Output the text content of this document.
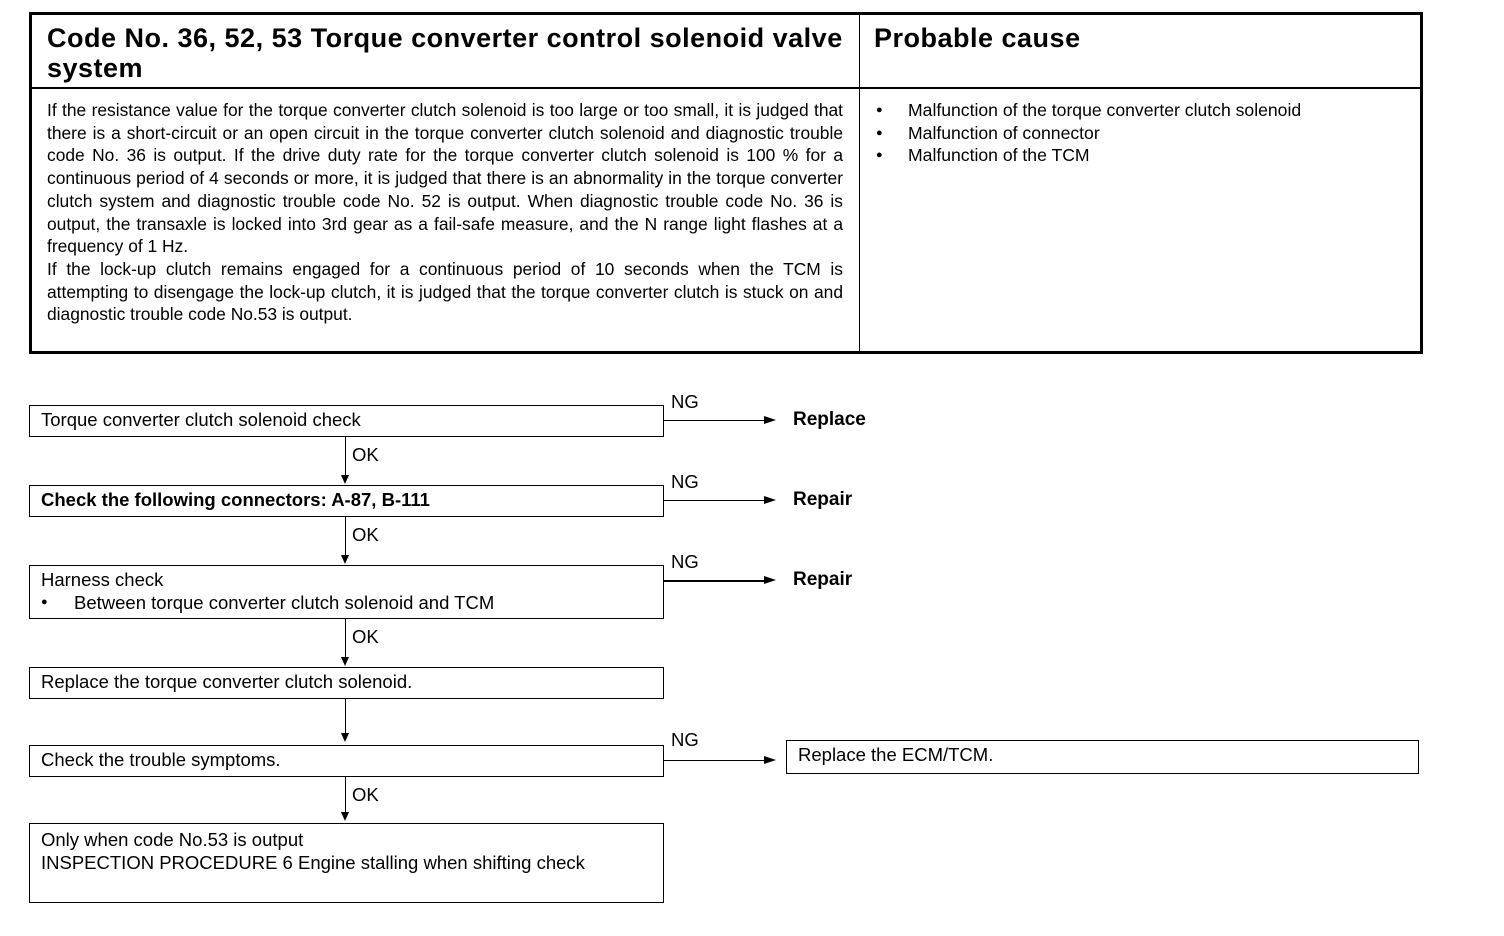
Code No. 36, 52, 53 Torque converter control solenoid valve system

If the resistance value for the torque converter clutch solenoid is too large or too small, it is judged that there is a short-circuit or an open circuit in the torque converter clutch solenoid and diagnostic trouble code No. 36 is output. If the drive duty rate for the torque converter clutch solenoid is 100 % for a continuous period of 4 seconds or more, it is judged that there is an abnormality in the torque converter clutch system and diagnostic trouble code No. 52 is output. When diagnostic trouble code No. 36 is output, the transaxle is locked into 3rd gear as a fail-safe measure, and the N range light flashes at a frequency of 1 Hz.

If the lock-up clutch remains engaged for a continuous period of 10 seconds when the TCM is attempting to disengage the lock-up clutch, it is judged that the torque converter clutch is stuck on and diagnostic trouble code No.53 is output.

Probable cause
● Malfunction of the torque converter clutch solenoid
● Malfunction of connector
● Malfunction of the TCM
Torque converter clutch solenoid check
NG
Replace
OK
Check the following connectors: A-87, B-111
NG
Repair
OK
Harness check
● Between torque converter clutch solenoid and TCM
NG
Repair
OK
Replace the torque converter clutch solenoid.
Check the trouble symptoms.
NG
Replace the ECM/TCM.
OK
Only when code No.53 is output
INSPECTION PROCEDURE 6 Engine stalling when shifting check
